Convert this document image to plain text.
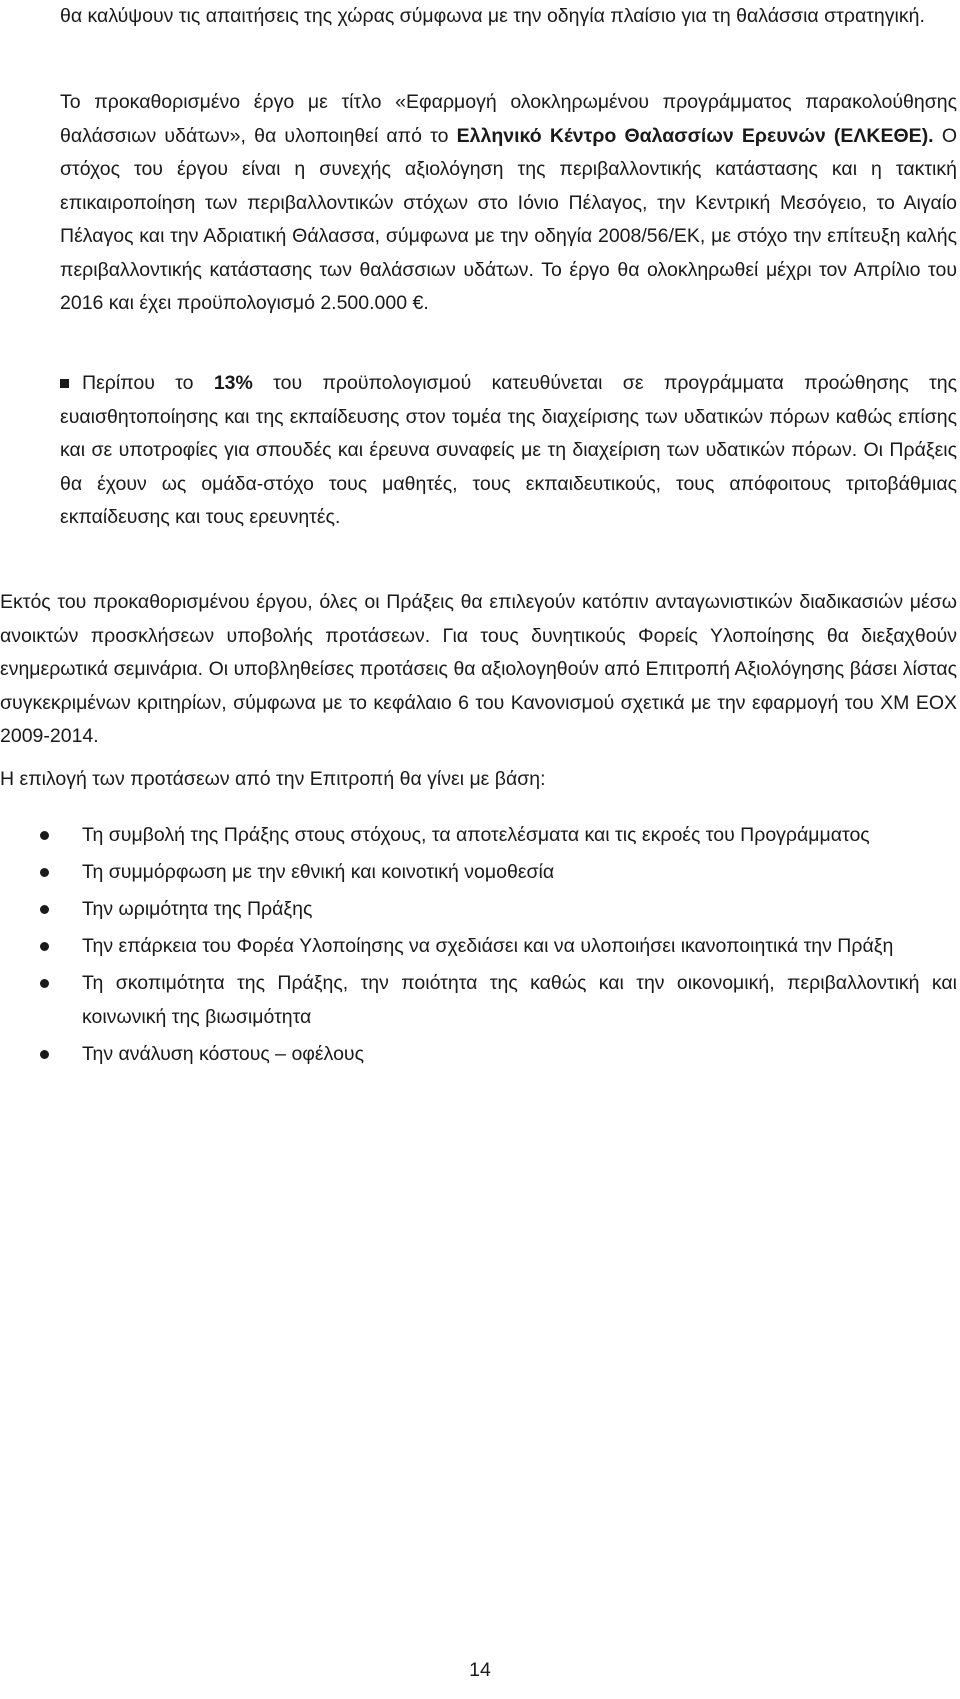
θα καλύψουν τις απαιτήσεις της χώρας σύμφωνα με την οδηγία πλαίσιο για τη θαλάσσια στρατηγική.

Το προκαθορισμένο έργο με τίτλο «Εφαρμογή ολοκληρωμένου προγράμματος παρακολούθησης θαλάσσιων υδάτων», θα υλοποιηθεί από το Ελληνικό Κέντρο Θαλασσίων Ερευνών (ΕΛΚΕΘΕ). Ο στόχος του έργου είναι η συνεχής αξιολόγηση της περιβαλλοντικής κατάστασης και η τακτική επικαιροποίηση των περιβαλλοντικών στόχων στο Ιόνιο Πέλαγος, την Κεντρική Μεσόγειο, το Αιγαίο Πέλαγος και την Αδριατική Θάλασσα, σύμφωνα με την οδηγία 2008/56/ΕΚ, με στόχο την επίτευξη καλής περιβαλλοντικής κατάστασης των θαλάσσιων υδάτων. Το έργο θα ολοκληρωθεί μέχρι τον Απρίλιο του 2016 και έχει προϋπολογισμό 2.500.000 €.

Περίπου το 13% του προϋπολογισμού κατευθύνεται σε προγράμματα προώθησης της ευαισθητοποίησης και της εκπαίδευσης στον τομέα της διαχείρισης των υδατικών πόρων καθώς επίσης και σε υποτροφίες για σπουδές και έρευνα συναφείς με τη διαχείριση των υδατικών πόρων. Οι Πράξεις θα έχουν ως ομάδα-στόχο τους μαθητές, τους εκπαιδευτικούς, τους απόφοιτους τριτοβάθμιας εκπαίδευσης και τους ερευνητές.

Εκτός του προκαθορισμένου έργου, όλες οι Πράξεις θα επιλεγούν κατόπιν ανταγωνιστικών διαδικασιών μέσω ανοικτών προσκλήσεων υποβολής προτάσεων. Για τους δυνητικούς Φορείς Υλοποίησης θα διεξαχθούν ενημερωτικά σεμινάρια. Οι υποβληθείσες προτάσεις θα αξιολογηθούν από Επιτροπή Αξιολόγησης βάσει λίστας συγκεκριμένων κριτηρίων, σύμφωνα με το κεφάλαιο 6 του Κανονισμού σχετικά με την εφαρμογή του ΧΜ ΕΟΧ 2009-2014.

Η επιλογή των προτάσεων από την Επιτροπή θα γίνει με βάση:

Τη συμβολή της Πράξης στους στόχους, τα αποτελέσματα και τις εκροές του Προγράμματος
Τη συμμόρφωση με την εθνική και κοινοτική νομοθεσία
Την ωριμότητα της Πράξης
Την επάρκεια του Φορέα Υλοποίησης να σχεδιάσει και να υλοποιήσει ικανοποιητικά την Πράξη
Τη σκοπιμότητα της Πράξης, την ποιότητα της καθώς και την οικονομική, περιβαλλοντική και κοινωνική της βιωσιμότητα
Την ανάλυση κόστους – οφέλους
14
